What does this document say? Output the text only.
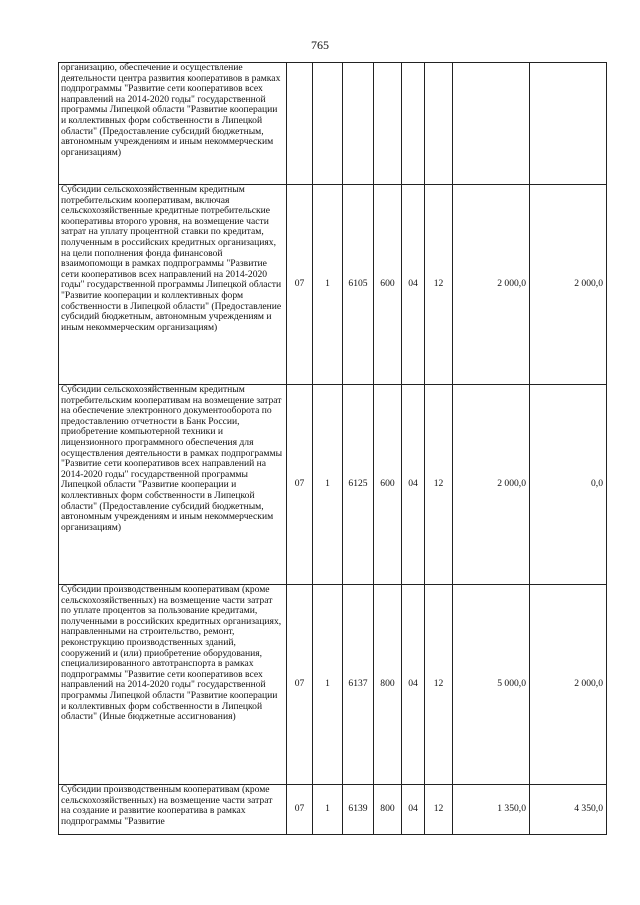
765
организацию, обеспечение и осуществление деятельности центра развития кооперативов в рамках подпрограммы "Развитие сети кооперативов всех направлений на 2014-2020 годы" государственной программы Липецкой области "Развитие кооперации и коллективных форм собственности в Липецкой области" (Предоставление субсидий бюджетным, автономным учреждениям и иным некоммерческим организациям)								
Субсидии сельскохозяйственным кредитным потребительским кооперативам, включая сельскохозяйственные кредитные потребительские кооперативы второго уровня, на возмещение части затрат на уплату процентной ставки по кредитам, полученным в российских кредитных организациях, на цели пополнения фонда финансовой взаимопомощи в рамках подпрограммы "Развитие сети кооперативов всех направлений на 2014-2020 годы" государственной программы Липецкой области "Развитие кооперации и коллективных форм собственности в Липецкой области" (Предоставление субсидий бюджетным, автономным учреждениям и иным некоммерческим организациям)	07	1	6105	600	04	12	2 000,0	2 000,0
Субсидии сельскохозяйственным кредитным потребительским кооперативам на возмещение затрат на обеспечение электронного документооборота по предоставлению отчетности в Банк России, приобретение компьютерной техники и лицензионного программного обеспечения для осуществления деятельности в рамках подпрограммы "Развитие сети кооперативов всех направлений на 2014-2020 годы" государственной программы Липецкой области "Развитие кооперации и коллективных форм собственности в Липецкой области" (Предоставление субсидий бюджетным, автономным учреждениям и иным некоммерческим организациям)	07	1	6125	600	04	12	2 000,0	0,0
Субсидии производственным кооперативам (кроме сельскохозяйственных) на возмещение части затрат по уплате процентов за пользование кредитами, полученными в российских кредитных организациях, направленными на строительство, ремонт, реконструкцию производственных зданий, сооружений и (или) приобретение оборудования, специализированного автотранспорта в рамках подпрограммы "Развитие сети кооперативов всех направлений на 2014-2020 годы" государственной программы Липецкой области "Развитие кооперации и коллективных форм собственности в Липецкой области" (Иные бюджетные ассигнования)	07	1	6137	800	04	12	5 000,0	2 000,0
Субсидии производственным кооперативам (кроме сельскохозяйственных) на возмещение части затрат на создание и развитие кооператива в рамках подпрограммы "Развитие	07	1	6139	800	04	12	1 350,0	4 350,0
